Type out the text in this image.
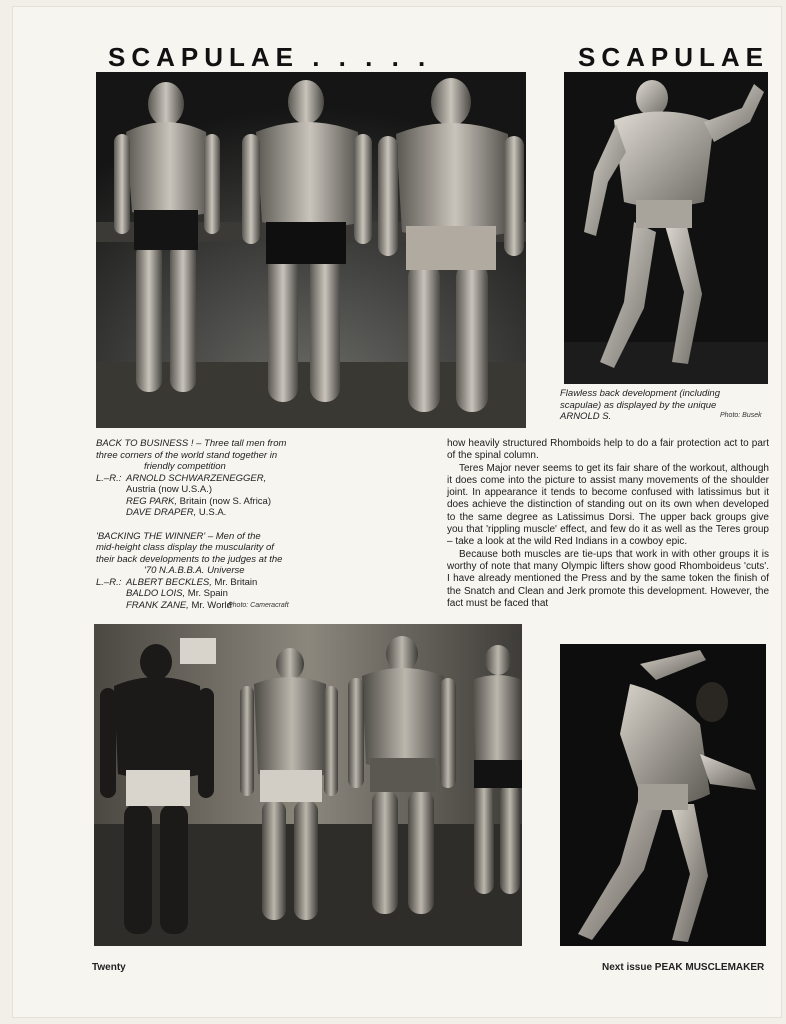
SCAPULAE . . . . .	SCAPULAE
Flawless back development (including
scapulae) as displayed by the unique
ARNOLD S.	Photo: Busek
BACK TO BUSINESS ! – Three tall men from
three corners of the world stand together in
friendly competition
L.–R.: ARNOLD SCHWARZENEGGER,
Austria (now U.S.A.)
REG PARK, Britain (now S. Africa)
DAVE DRAPER, U.S.A.
'BACKING THE WINNER' – Men of the
mid-height class display the muscularity of
their back developments to the judges at the
'70 N.A.B.B.A. Universe
L.–R.: ALBERT BECKLES, Mr. Britain
BALDO LOIS, Mr. Spain
FRANK ZANE, Mr. World
Photo: Cameracraft

how heavily structured Rhomboids help to do a fair protection act to part of the spinal column.

Teres Major never seems to get its fair share of the workout, although it does come into the picture to assist many movements of the shoulder joint. In appearance it tends to become confused with latissimus but it does achieve the distinction of standing out on its own when developed to the same degree as Latissimus Dorsi. The upper back groups give you that 'rippling muscle' effect, and few do it as well as the Teres group – take a look at the wild Red Indians in a cowboy epic.

Because both muscles are tie-ups that work in with other groups it is worthy of note that many Olympic lifters show good Rhomboideus 'cuts'. I have already mentioned the Press and by the same token the finish of the Snatch and Clean and Jerk promote this development. However, the fact must be faced that

Twenty	Next issue PEAK MUSCLEMAKER
